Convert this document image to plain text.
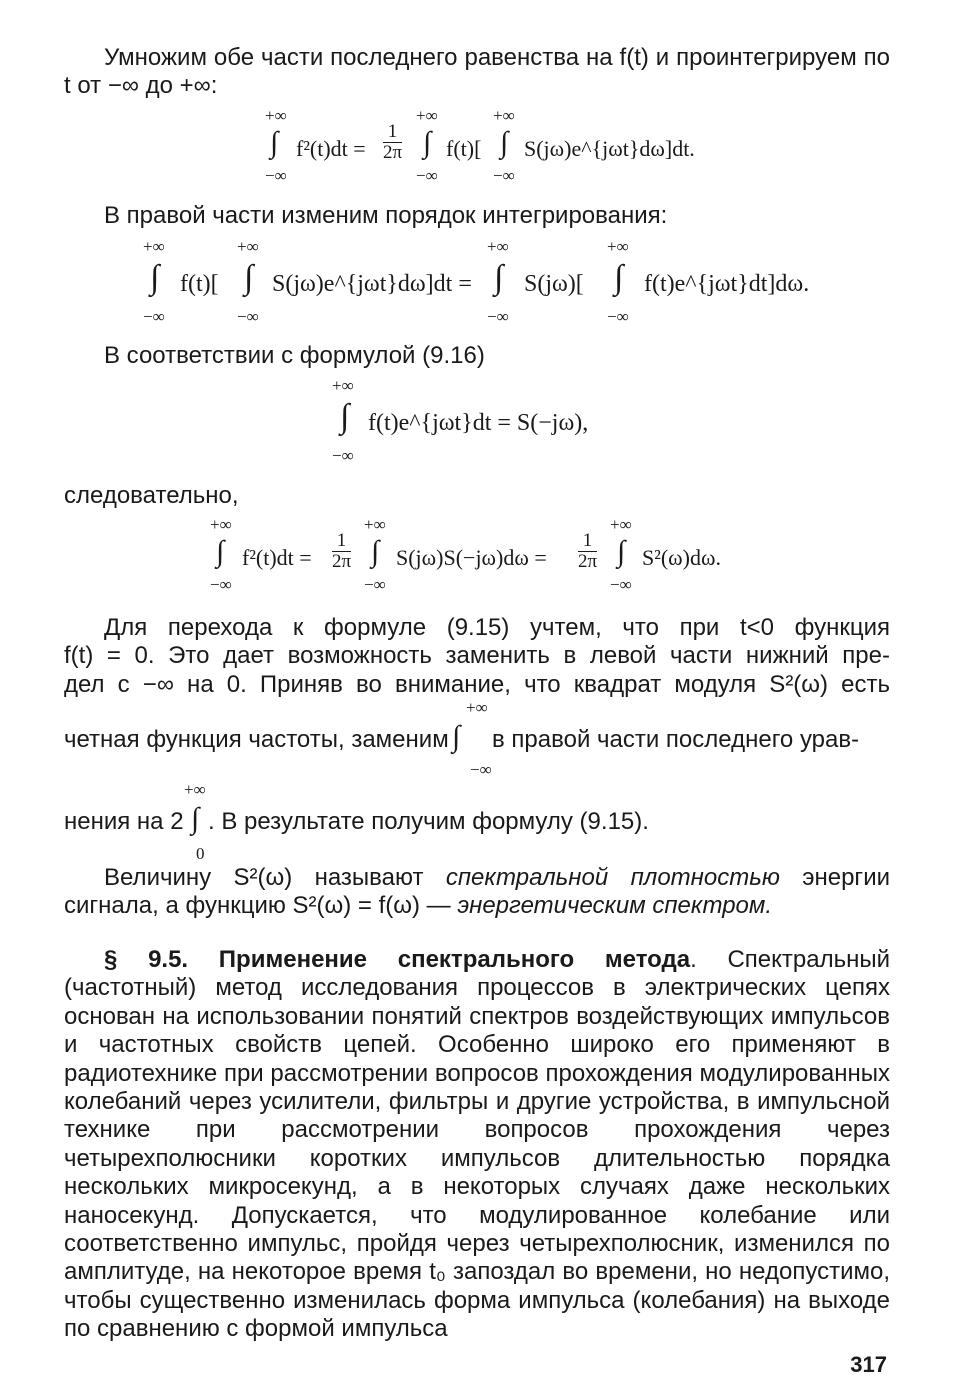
Умножим обе части последнего равенства на f(t) и проинтегрируем по t от −∞ до +∞:
+∞
∫
−∞
$f^2(t)dt = \frac{1}{2\pi}$
+∞
∫
−∞
f(t)[
+∞
∫
−∞
S(jω)e^{jωt}dω]dt.
В правой части изменим порядок интегрирования:
+∞
∫
−∞
f(t)[
+∞
∫
−∞
S(jω)e^{jωt}dω]dt =
+∞
∫
−∞
S(jω)[
+∞
∫
−∞
f(t)e^{jωt}dt]dω.
В соответствии с формулой (9.16)
+∞
∫
−∞
f(t)e^{jωt}dt = S(−jω),
следовательно,
+∞
∫
−∞
$f^2(t)dt = \frac{1}{2\pi}$
+∞
∫
−∞
$S(j\omega)S(-j\omega)d\omega = \frac{1}{2\pi}$
+∞
∫
−∞
S²(ω)dω.
Для перехода к формуле (9.15) учтем, что при t<0 функция
f(t) = 0. Это дает возможность заменить в левой части нижний пре-
дел с −∞ на 0. Приняв во внимание, что квадрат модуля S²(ω) есть
+∞
∫
−∞
четная функция частоты, заменим в правой части последнего урав-
+∞
∫
0
нения на 2 . В результате получим формулу (9.15).
Величину S²(ω) называют спектральной плотностью энергии
сигнала, а функцию S²(ω) = f(ω) — энергетическим спектром.
§ 9.5. Применение спектрального метода. Спектральный (частотный) метод исследования процессов в электрических цепях основан на использовании понятий спектров воздействующих импульсов и частотных свойств цепей. Особенно широко его применяют в радиотехнике при рассмотрении вопросов прохождения модулированных колебаний через усилители, фильтры и другие устройства, в импульсной технике при рассмотрении вопросов прохождения через четырехполюсники коротких импульсов длительностью порядка нескольких микросекунд, а в некоторых случаях даже нескольких наносекунд. Допускается, что модулированное колебание или соответственно импульс, пройдя через четырехполюсник, изменился по амплитуде, на некоторое время t₀ запоздал во времени, но недопустимо, чтобы существенно изменилась форма импульса (колебания) на выходе по сравнению с формой импульса
317
